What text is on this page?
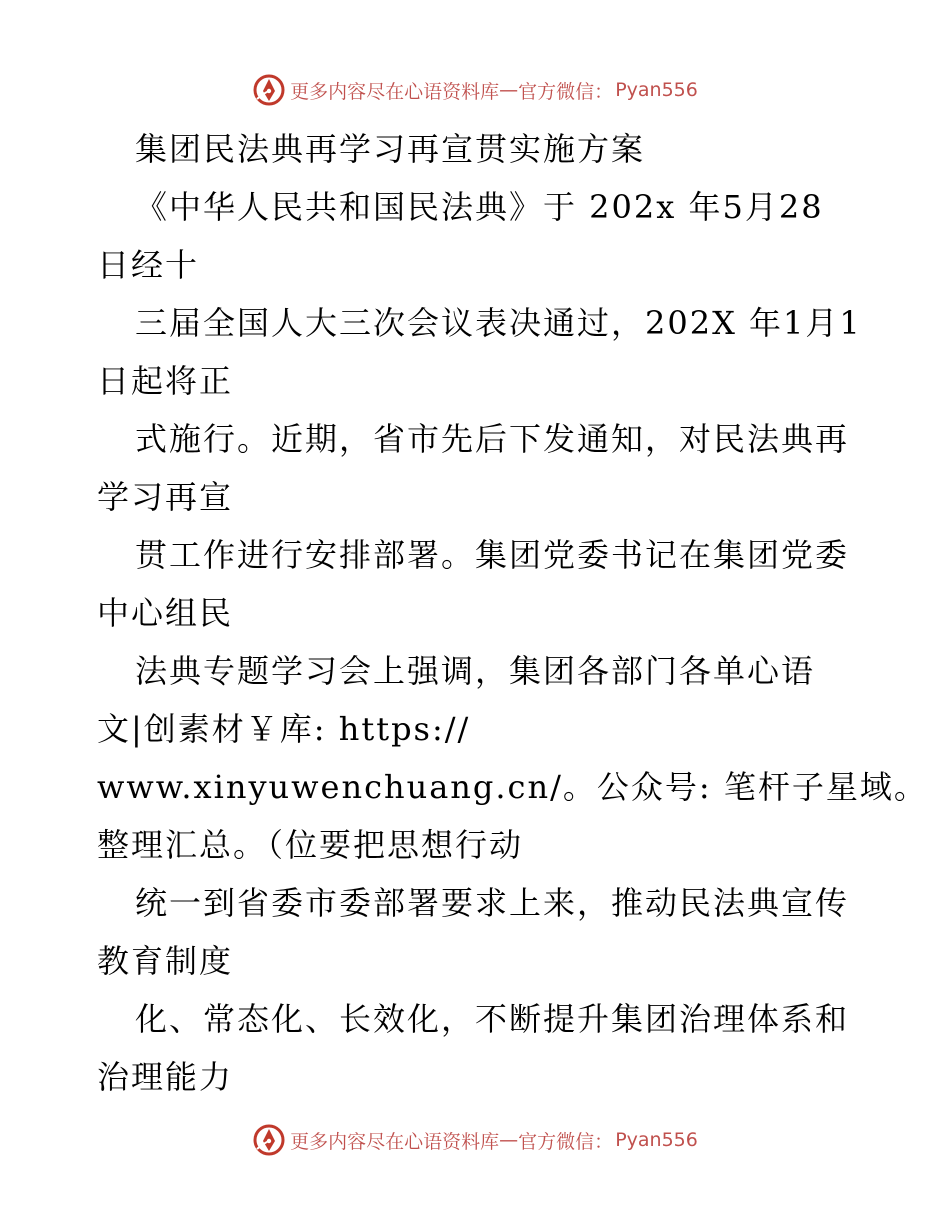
更多内容尽在心语资料库 — 官方微信： Pyan556
集团民法典再学习再宣贯实施方案
《中华人民共和国民法典》于 202x 年5月28
日经十
三届全国人大三次会议表决通过，202X 年1月1
日起将正
式施行。近期，省市先后下发通知，对民法典再
学习再宣
贯工作进行安排部署。集团党委书记在集团党委
中心组民
法典专题学习会上强调，集团各部门各单心语
文|创素材￥库: https://
www.xinyuwenchuang.cn/。公众号: 笔杆子星域。
整理汇总。（位要把思想行动
统一到省委市委部署要求上来，推动民法典宣传
教育制度
化、常态化、长效化，不断提升集团治理体系和
治理能力
更多内容尽在心语资料库 — 官方微信： Pyan556
